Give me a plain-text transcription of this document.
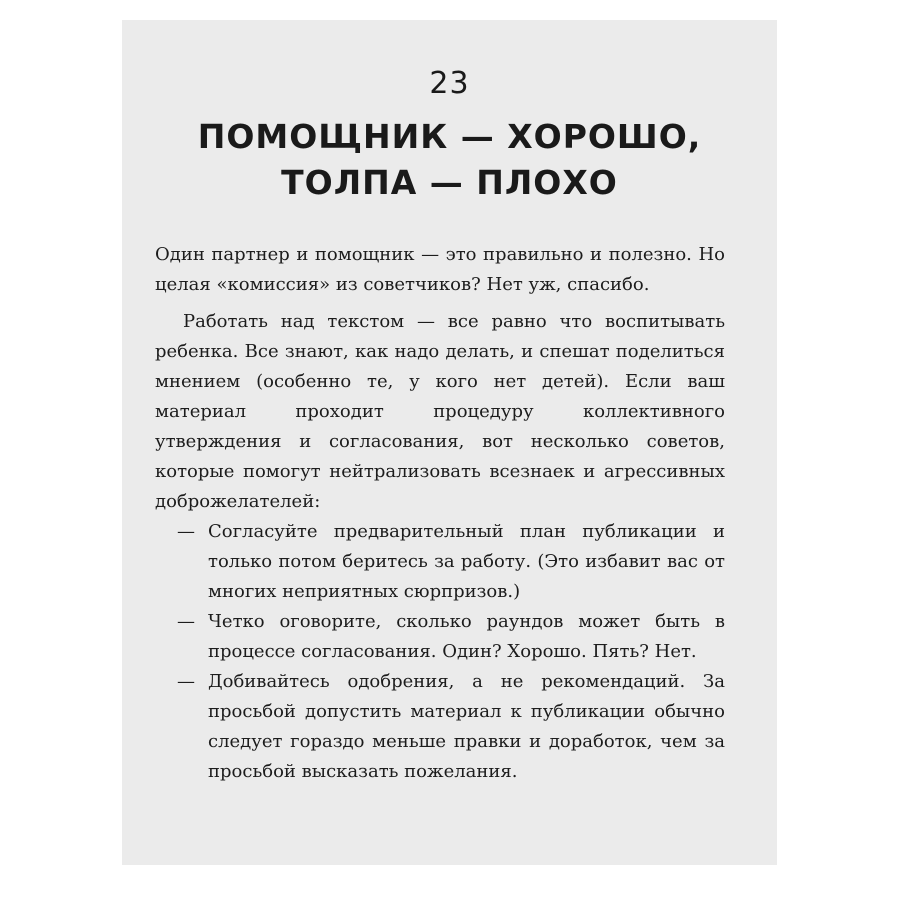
23
ПОМОЩНИК — ХОРОШО,
ТОЛПА — ПЛОХО

Один партнер и помощник — это правильно и полезно. Но целая «комиссия» из советчиков? Нет уж, спасибо.

Работать над текстом — все равно что воспитывать ребенка. Все знают, как надо делать, и спешат поделиться мнением (особенно те, у кого нет детей). Если ваш материал проходит процедуру коллективного утверждения и согласования, вот несколько советов, которые помогут нейтрализовать всезнаек и агрессивных доброжелателей:

— Согласуйте предварительный план публикации и только потом беритесь за работу. (Это избавит вас от многих неприятных сюрпризов.)
— Четко оговорите, сколько раундов может быть в процессе согласования. Один? Хорошо. Пять? Нет.
— Добивайтесь одобрения, а не рекомендаций. За просьбой допустить материал к публикации обычно следует гораздо меньше правки и доработок, чем за просьбой высказать пожелания.
